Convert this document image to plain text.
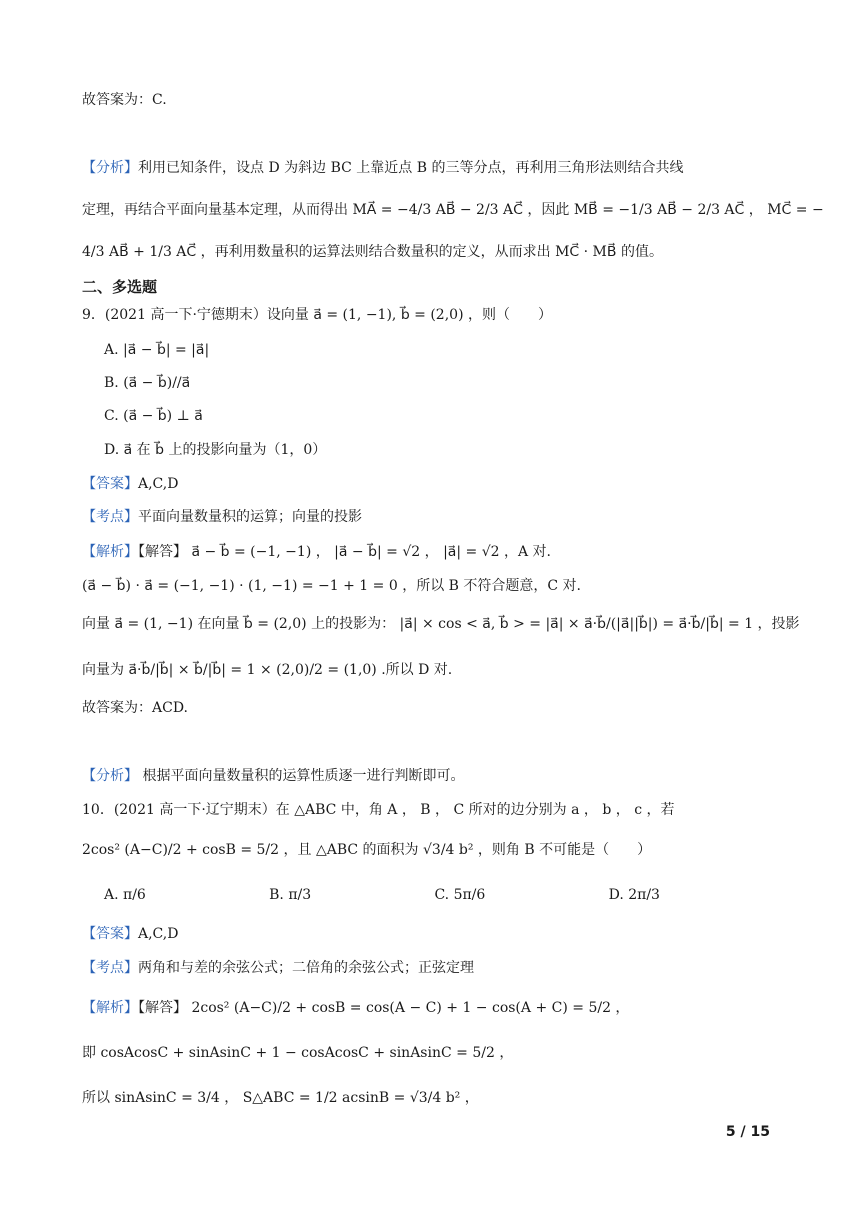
故答案为：C.
【分析】利用已知条件，设点 D 为斜边 BC 上靠近点 B 的三等分点，再利用三角形法则结合共线
定理，再结合平面向量基本定理，从而得出 MA⃗ = −4/3 AB⃗ − 2/3 AC⃗ ，因此 MB⃗ = −1/3 AB⃗ − 2/3 AC⃗ ， MC⃗ = −
4/3 AB⃗ + 1/3 AC⃗ ，再利用数量积的运算法则结合数量积的定义，从而求出 MC⃗ · MB⃗ 的值。
二、多选题
9．(2021 高一下·宁德期末）设向量 a⃗ = (1, −1), b⃗ = (2,0) ，则（　　）
A. |a⃗ − b⃗| = |a⃗|
B. (a⃗ − b⃗)//a⃗
C. (a⃗ − b⃗) ⊥ a⃗
D. a⃗ 在 b⃗ 上的投影向量为（1，0）
【答案】A,C,D
【考点】平面向量数量积的运算；向量的投影
【解析】【解答】 a⃗ − b⃗ = (−1, −1) ， |a⃗ − b⃗| = √2 ， |a⃗| = √2 ，A 对.
(a⃗ − b⃗) · a⃗ = (−1, −1) · (1, −1) = −1 + 1 = 0 ，所以 B 不符合题意，C 对.
向量 a⃗ = (1, −1) 在向量 b⃗ = (2,0) 上的投影为： |a⃗| × cos < a⃗, b⃗ > = |a⃗| × a⃗·b⃗/(|a⃗||b⃗|) = a⃗·b⃗/|b⃗| = 1 ，投影
向量为 a⃗·b⃗/|b⃗| × b⃗/|b⃗| = 1 × (2,0)/2 = (1,0) .所以 D 对.
故答案为：ACD.
【分析】 根据平面向量数量积的运算性质逐一进行判断即可。
10．(2021 高一下·辽宁期末）在 △ABC 中，角 A ， B ， C 所对的边分别为 a ， b ， c ，若
2cos² (A−C)/2 + cosB = 5/2 ，且 △ABC 的面积为 √3/4 b² ，则角 B 不可能是（　　）
A. π/6	B. π/3	C. 5π/6	D. 2π/3
【答案】A,C,D
【考点】两角和与差的余弦公式；二倍角的余弦公式；正弦定理
【解析】【解答】 2cos² (A−C)/2 + cosB = cos(A − C) + 1 − cos(A + C) = 5/2 ，
即 cosAcosC + sinAsinC + 1 − cosAcosC + sinAsinC = 5/2 ，
所以 sinAsinC = 3/4 ， S△ABC = 1/2 acsinB = √3/4 b² ，
5 / 15
